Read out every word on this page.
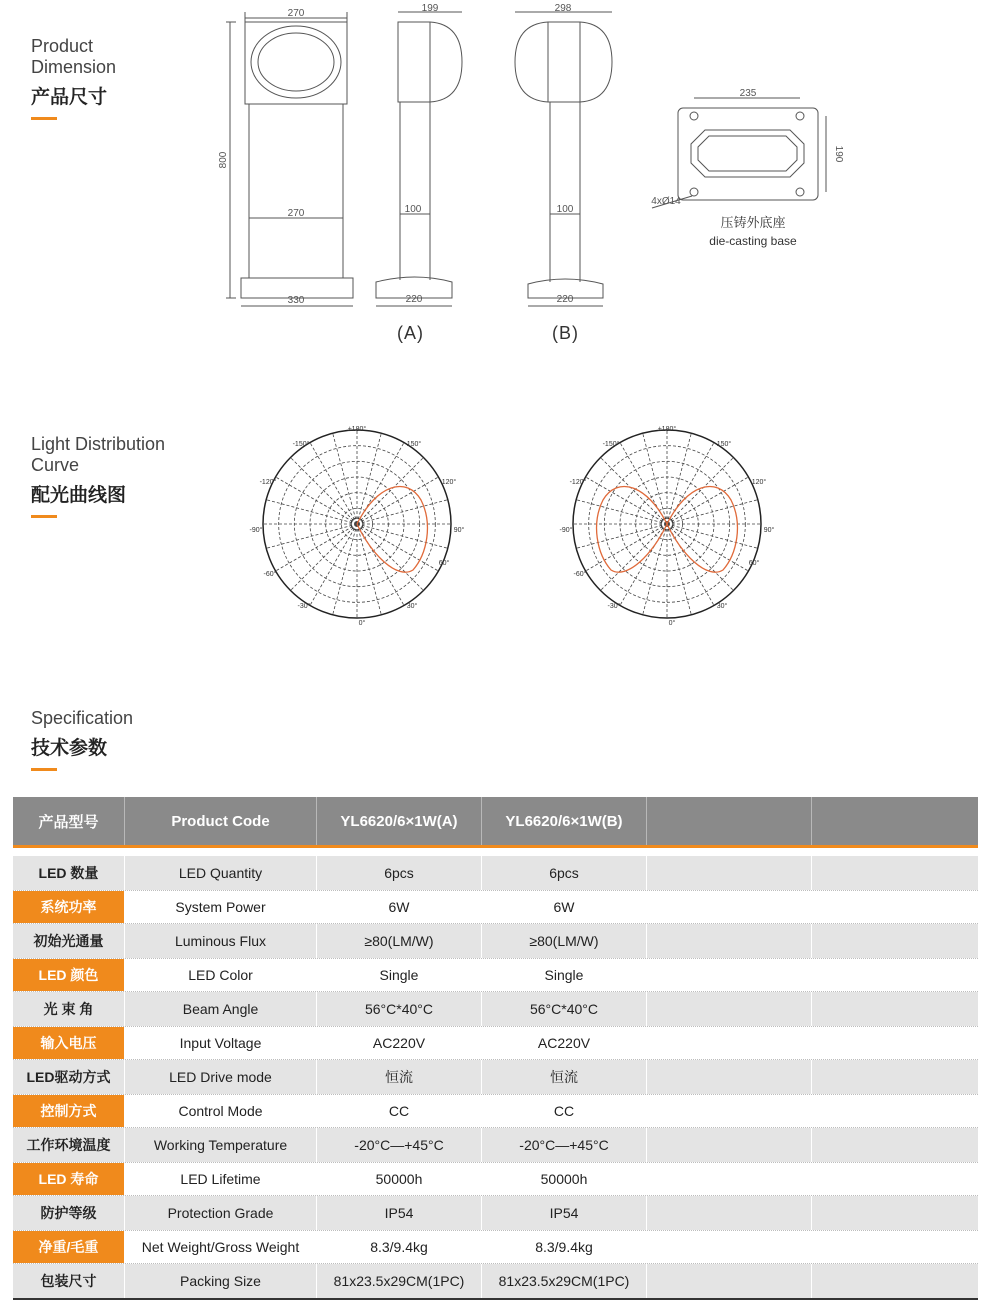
Product
Dimension
产品尺寸
270
800
270
330
199
100
220
298
100
220
235
190
4xØ14
(A)	(B)
压铸外底座
die-casting base
Light Distribution
Curve
配光曲线图
±180°
150°
-150°
120°
-120°
90°
-90°
60°
-60°
30°
-30°
0°
±180°
150°
-150°
120°
-120°
90°
-90°
60°
-60°
30°
-30°
0°
Specification
技术参数
产品型号	Product Code	YL6620/6×1W(A)	YL6620/6×1W(B)
LED 数量	LED Quantity	6pcs	6pcs
系统功率	System Power	6W	6W
初始光通量	Luminous Flux	≥80(LM/W)	≥80(LM/W)
LED 颜色	LED Color	Single	Single
光 束 角	Beam Angle	56°C*40°C	56°C*40°C
输入电压	Input Voltage	AC220V	AC220V
LED驱动方式	LED Drive mode	恒流	恒流
控制方式	Control Mode	CC	CC
工作环境温度	Working Temperature	-20°C—+45°C	-20°C—+45°C
LED 寿命	LED Lifetime	50000h	50000h
防护等级	Protection Grade	IP54	IP54
净重/毛重	Net Weight/Gross Weight	8.3/9.4kg	8.3/9.4kg
包装尺寸	Packing Size	81x23.5x29CM(1PC)	81x23.5x29CM(1PC)
